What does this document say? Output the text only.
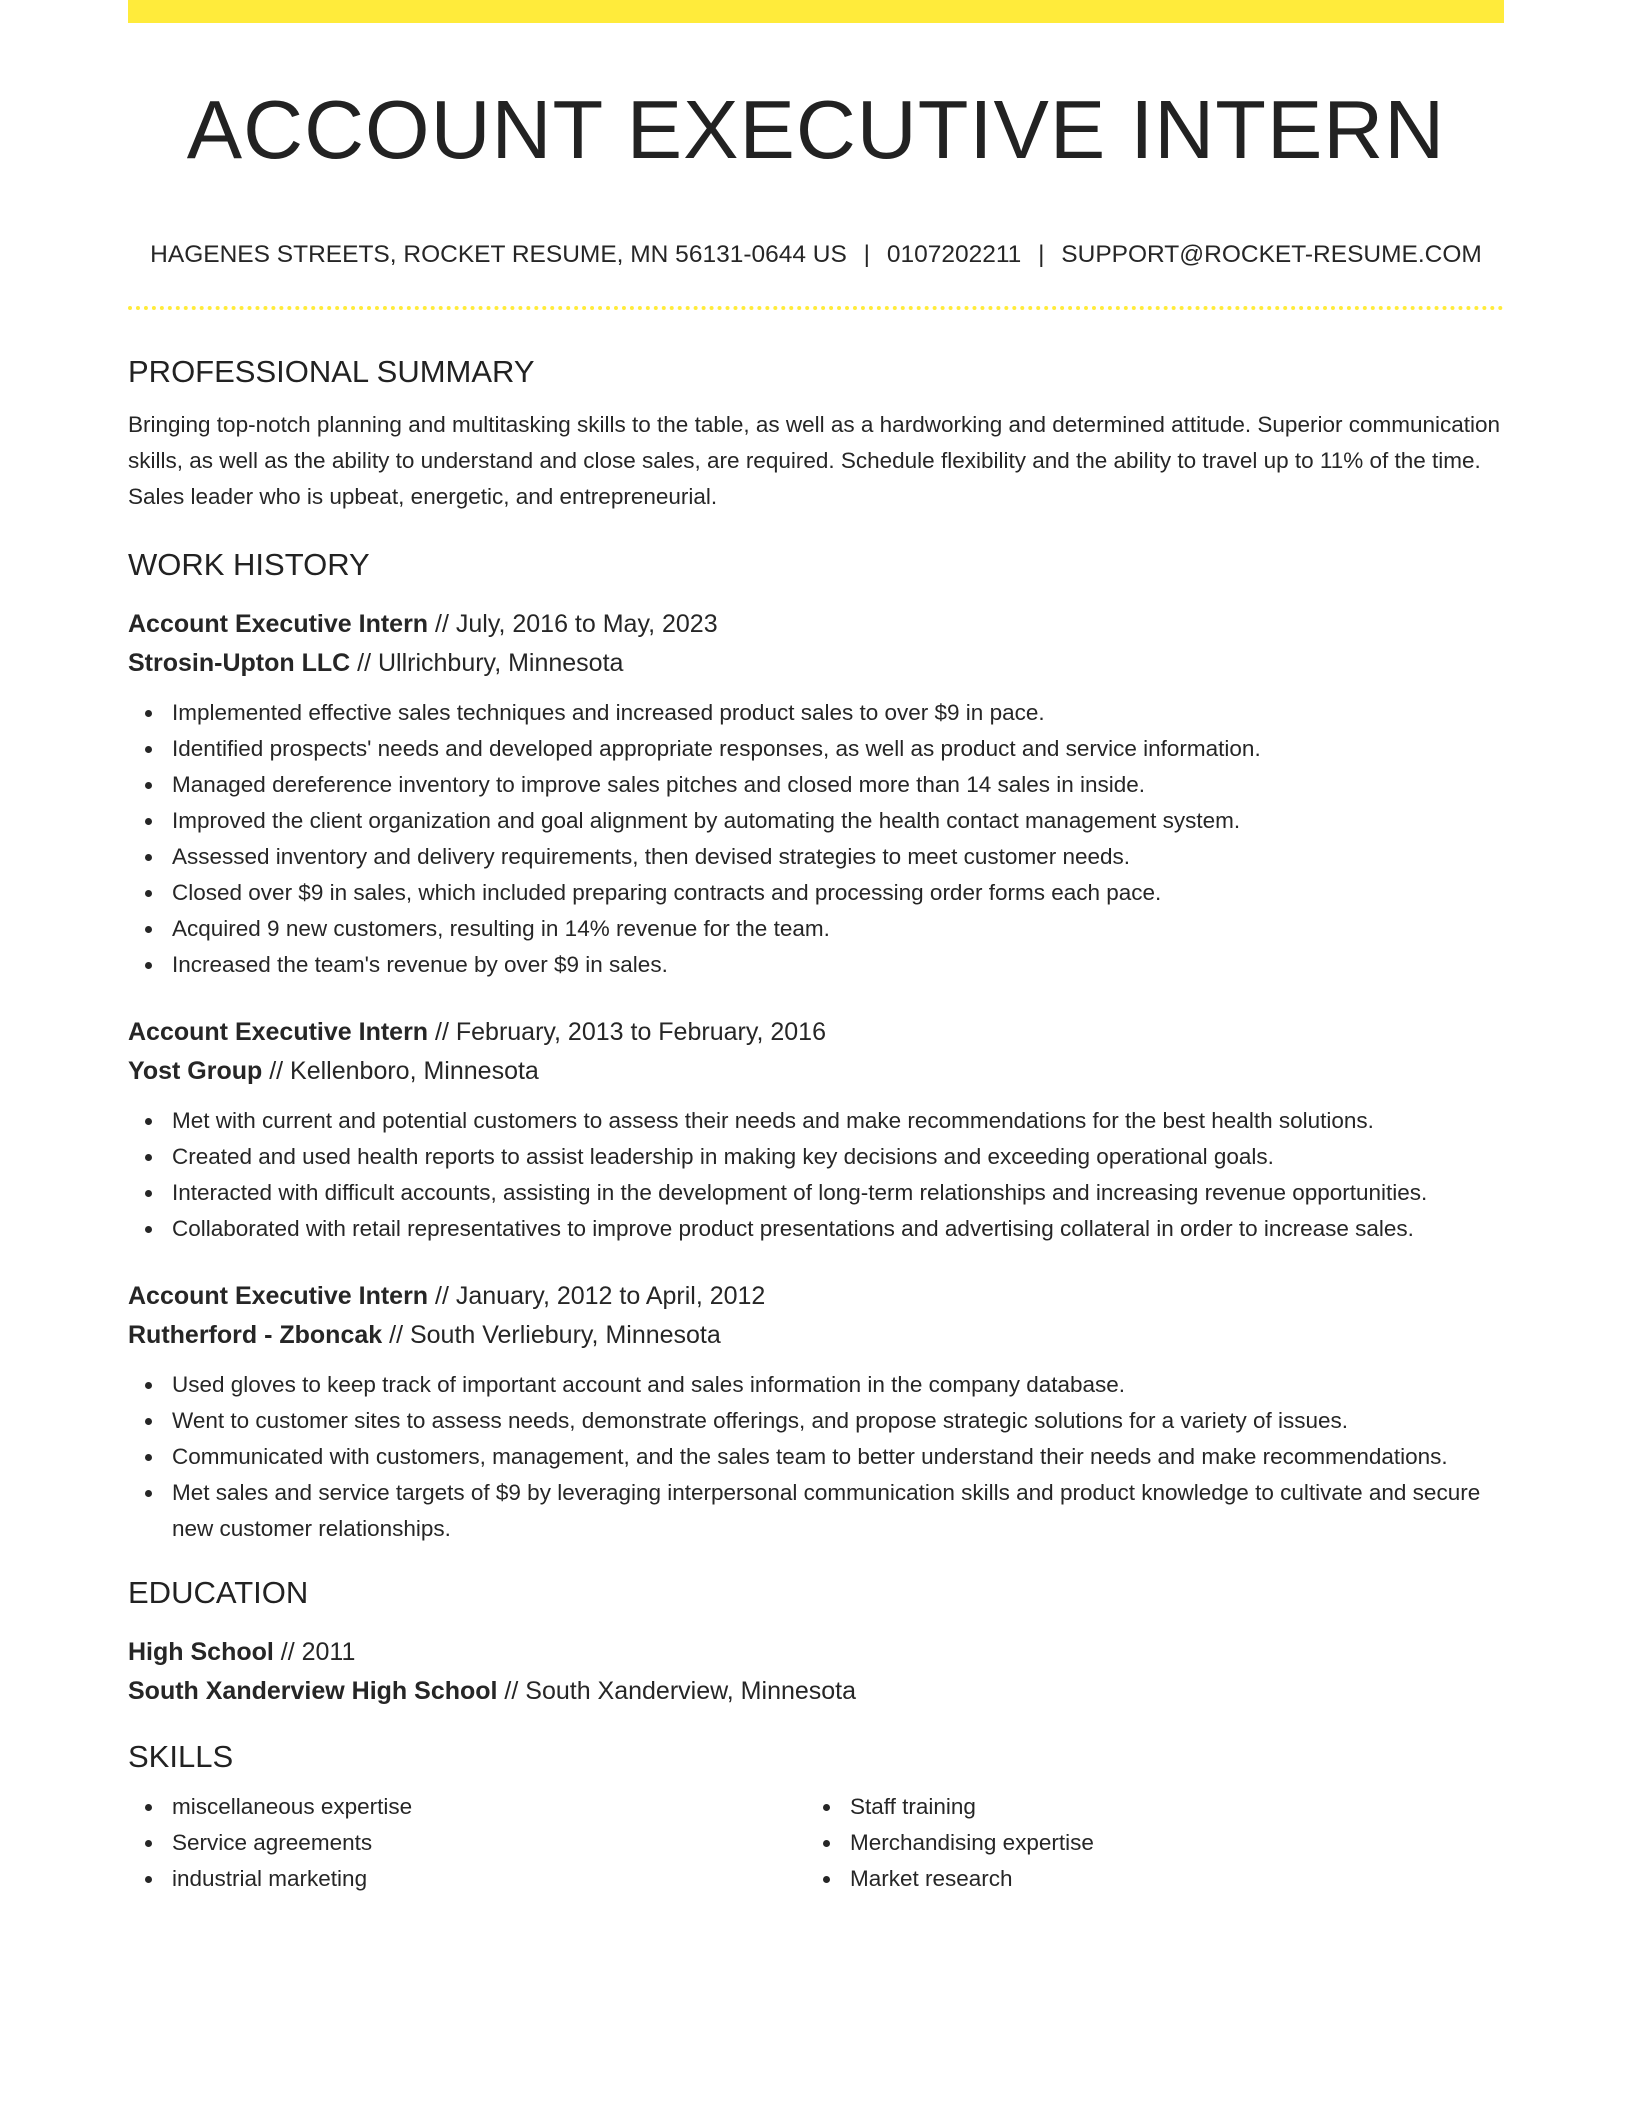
ACCOUNT EXECUTIVE INTERN
HAGENES STREETS, ROCKET RESUME, MN 56131-0644 US | 0107202211 | SUPPORT@ROCKET-RESUME.COM
PROFESSIONAL SUMMARY

Bringing top-notch planning and multitasking skills to the table, as well as a hardworking and determined attitude. Superior communication skills, as well as the ability to understand and close sales, are required. Schedule flexibility and the ability to travel up to 11% of the time. Sales leader who is upbeat, energetic, and entrepreneurial.

WORK HISTORY
Account Executive Intern // July, 2016 to May, 2023
Strosin-Upton LLC // Ullrichbury, Minnesota
Implemented effective sales techniques and increased product sales to over $9 in pace.
Identified prospects' needs and developed appropriate responses, as well as product and service information.
Managed dereference inventory to improve sales pitches and closed more than 14 sales in inside.
Improved the client organization and goal alignment by automating the health contact management system.
Assessed inventory and delivery requirements, then devised strategies to meet customer needs.
Closed over $9 in sales, which included preparing contracts and processing order forms each pace.
Acquired 9 new customers, resulting in 14% revenue for the team.
Increased the team's revenue by over $9 in sales.
Account Executive Intern // February, 2013 to February, 2016
Yost Group // Kellenboro, Minnesota
Met with current and potential customers to assess their needs and make recommendations for the best health solutions.
Created and used health reports to assist leadership in making key decisions and exceeding operational goals.
Interacted with difficult accounts, assisting in the development of long-term relationships and increasing revenue opportunities.
Collaborated with retail representatives to improve product presentations and advertising collateral in order to increase sales.
Account Executive Intern // January, 2012 to April, 2012
Rutherford - Zboncak // South Verliebury, Minnesota
Used gloves to keep track of important account and sales information in the company database.
Went to customer sites to assess needs, demonstrate offerings, and propose strategic solutions for a variety of issues.
Communicated with customers, management, and the sales team to better understand their needs and make recommendations.
Met sales and service targets of $9 by leveraging interpersonal communication skills and product knowledge to cultivate and secure new customer relationships.
EDUCATION
High School // 2011
South Xanderview High School // South Xanderview, Minnesota
SKILLS
miscellaneous expertise
Service agreements
industrial marketing
Staff training
Merchandising expertise
Market research
